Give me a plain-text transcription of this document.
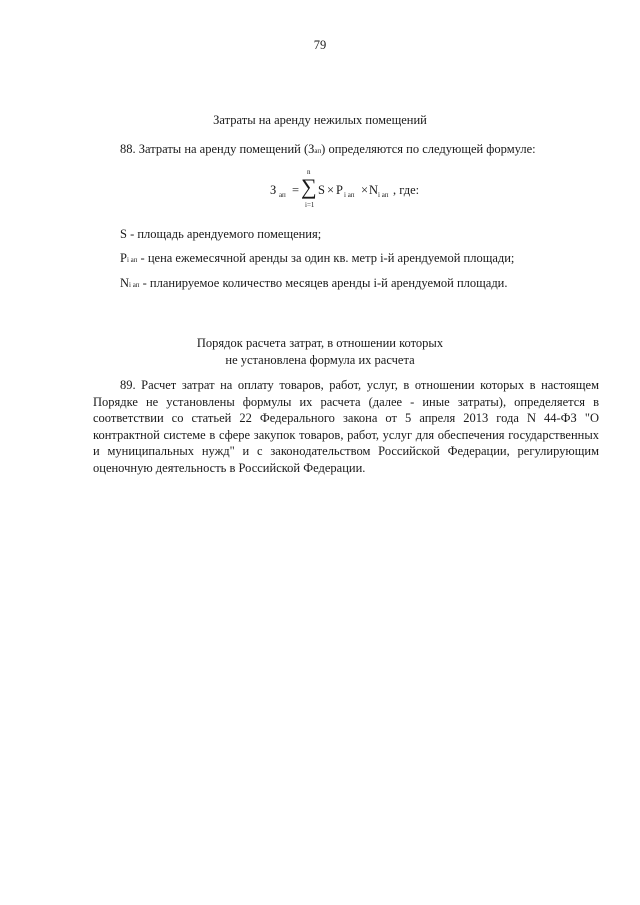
79
Затраты на аренду нежилых помещений
88. Затраты на аренду помещений (Зап) определяются по следующей формуле:
З ап =
n
∑
i=1
S × P i ап × N i ап , где:
S - площадь арендуемого помещения;
Pi ап - цена ежемесячной аренды за один кв. метр i-й арендуемой площади;
Ni ап - планируемое количество месяцев аренды i-й арендуемой площади.
Порядок расчета затрат, в отношении которых
не установлена формула их расчета
89. Расчет затрат на оплату товаров, работ, услуг, в отношении которых в настоящем Порядке не установлены формулы их расчета (далее - иные затраты), определяется в соответствии со статьей 22 Федерального закона от 5 апреля 2013 года N 44-ФЗ "О контрактной системе в сфере закупок товаров, работ, услуг для обеспечения государственных и муниципальных нужд" и с законодательством Российской Федерации, регулирующим оценочную деятельность в Российской Федерации.
